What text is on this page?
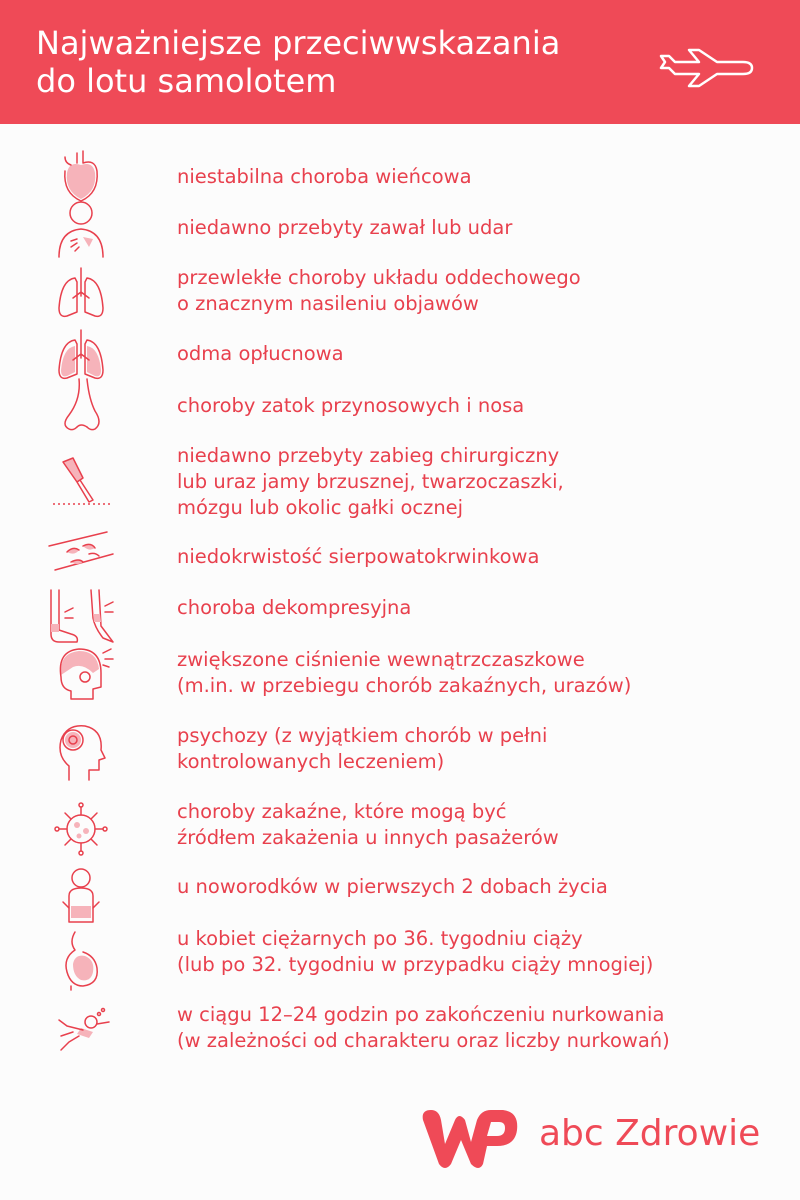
Najważniejsze przeciwwskazania
do lotu samolotem
niestabilna choroba wieńcowa
niedawno przebyty zawał lub udar
przewlekłe choroby układu oddechowego
o znacznym nasileniu objawów
odma opłucnowa
choroby zatok przynosowych i nosa
niedawno przebyty zabieg chirurgiczny
lub uraz jamy brzusznej, twarzoczaszki,
mózgu lub okolic gałki ocznej
niedokrwistość sierpowatokrwinkowa
choroba dekompresyjna
zwiększone ciśnienie wewnątrzczaszkowe
(m.in. w przebiegu chorób zakaźnych, urazów)
psychozy (z wyjątkiem chorób w pełni
kontrolowanych leczeniem)
choroby zakaźne, które mogą być
źródłem zakażenia u innych pasażerów
u noworodków w pierwszych 2 dobach życia
u kobiet ciężarnych po 36. tygodniu ciąży
(lub po 32. tygodniu w przypadku ciąży mnogiej)
w ciągu 12–24 godzin po zakończeniu nurkowania
(w zależności od charakteru oraz liczby nurkowań)
abc Zdrowie
